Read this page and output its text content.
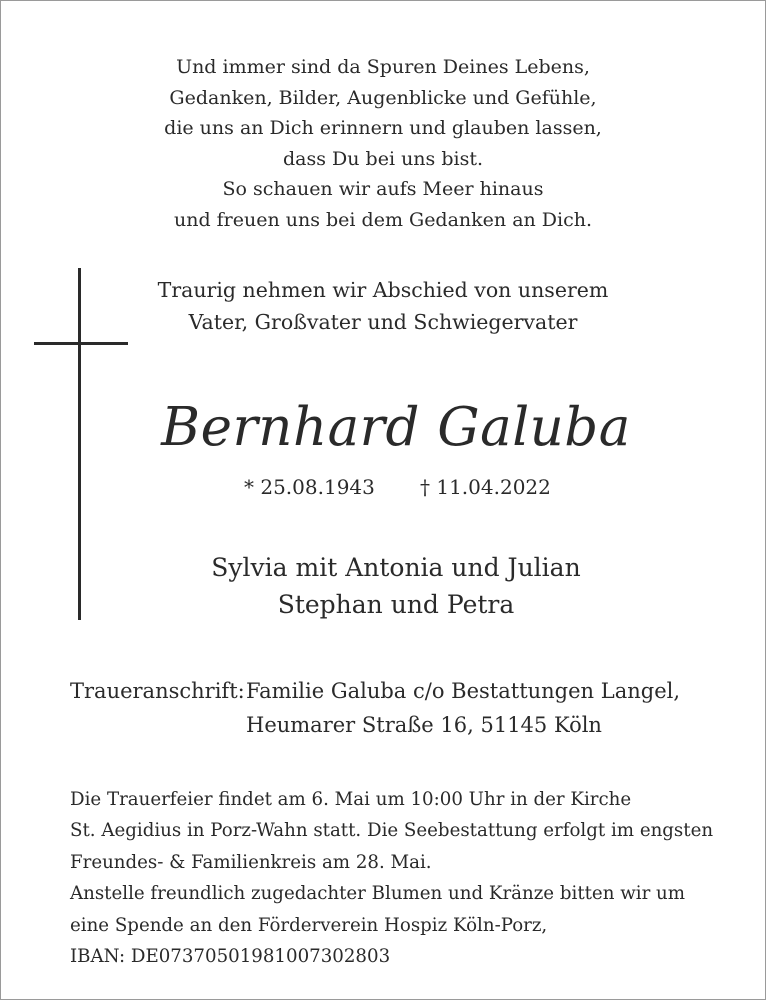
Und immer sind da Spuren Deines Lebens,
Gedanken, Bilder, Augenblicke und Gefühle,
die uns an Dich erinnern und glauben lassen,
dass Du bei uns bist.
So schauen wir aufs Meer hinaus
und freuen uns bei dem Gedanken an Dich.
Traurig nehmen wir Abschied von unserem
Vater, Großvater und Schwiegervater
Bernhard Galuba
* 25.08.1943 † 11.04.2022
Sylvia mit Antonia und Julian
Stephan und Petra
Traueranschrift: Familie Galuba c/o Bestattungen Langel,
Heumarer Straße 16, 51145 Köln
Die Trauerfeier findet am 6. Mai um 10:00 Uhr in der Kirche
St. Aegidius in Porz-Wahn statt. Die Seebestattung erfolgt im engsten
Freundes- & Familienkreis am 28. Mai.
Anstelle freundlich zugedachter Blumen und Kränze bitten wir um
eine Spende an den Förderverein Hospiz Köln-Porz,
IBAN: DE07370501981007302803
